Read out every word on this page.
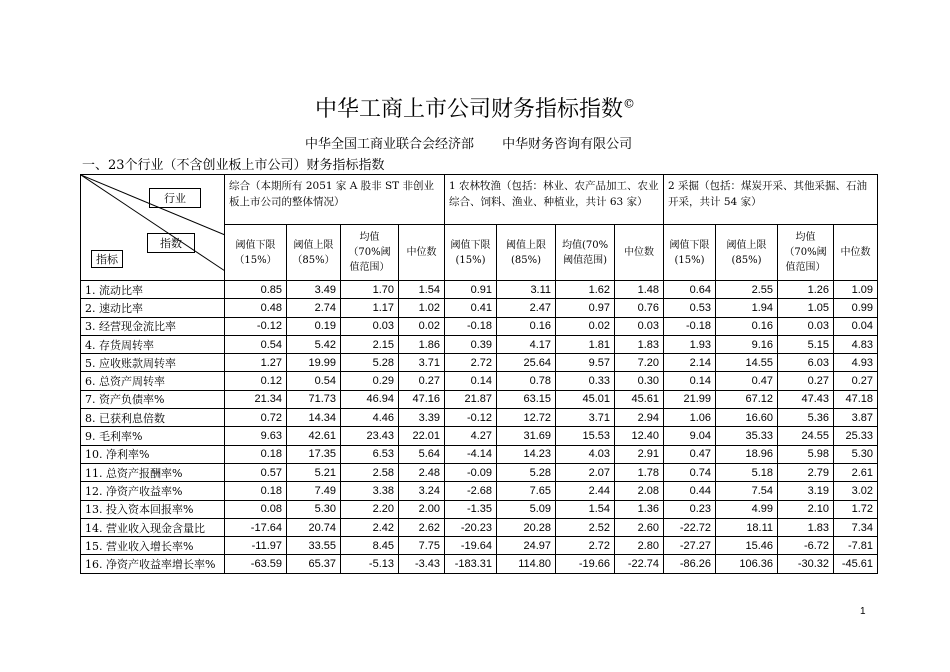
中华工商上市公司财务指标指数©
中华全国工商业联合会经济部 中华财务咨询有限公司
一、23个行业（不含创业板上市公司）财务指标指数
行业
指数
指标	综合（本期所有 2051 家 A 股非 ST 非创业板上市公司的整体情况）				1 农林牧渔（包括：林业、农产品加工、农业综合、饲料、渔业、种植业，共计 63 家）				2 采掘（包括：煤炭开采、其他采掘、石油开采，共计 54 家）			
	阈值下限（15%）	阈值上限（85%）	均值（70%阈值范围）	中位数	阈值下限(15%)	阈值上限(85%)	均值(70%阈值范围)	中位数	阈值下限(15%)	阈值上限(85%)	均值（70%阈值范围）	中位数
1. 流动比率	0.85	3.49	1.70	1.54	0.91	3.11	1.62	1.48	0.64	2.55	1.26	1.09
2. 速动比率	0.48	2.74	1.17	1.02	0.41	2.47	0.97	0.76	0.53	1.94	1.05	0.99
3. 经营现金流比率	-0.12	0.19	0.03	0.02	-0.18	0.16	0.02	0.03	-0.18	0.16	0.03	0.04
4. 存货周转率	0.54	5.42	2.15	1.86	0.39	4.17	1.81	1.83	1.93	9.16	5.15	4.83
5. 应收账款周转率	1.27	19.99	5.28	3.71	2.72	25.64	9.57	7.20	2.14	14.55	6.03	4.93
6. 总资产周转率	0.12	0.54	0.29	0.27	0.14	0.78	0.33	0.30	0.14	0.47	0.27	0.27
7. 资产负债率%	21.34	71.73	46.94	47.16	21.87	63.15	45.01	45.61	21.99	67.12	47.43	47.18
8. 已获利息倍数	0.72	14.34	4.46	3.39	-0.12	12.72	3.71	2.94	1.06	16.60	5.36	3.87
9. 毛利率%	9.63	42.61	23.43	22.01	4.27	31.69	15.53	12.40	9.04	35.33	24.55	25.33
10. 净利率%	0.18	17.35	6.53	5.64	-4.14	14.23	4.03	2.91	0.47	18.96	5.98	5.30
11. 总资产报酬率%	0.57	5.21	2.58	2.48	-0.09	5.28	2.07	1.78	0.74	5.18	2.79	2.61
12. 净资产收益率%	0.18	7.49	3.38	3.24	-2.68	7.65	2.44	2.08	0.44	7.54	3.19	3.02
13. 投入资本回报率%	0.08	5.30	2.20	2.00	-1.35	5.09	1.54	1.36	0.23	4.99	2.10	1.72
14. 营业收入现金含量比	-17.64	20.74	2.42	2.62	-20.23	20.28	2.52	2.60	-22.72	18.11	1.83	7.34
15. 营业收入增长率%	-11.97	33.55	8.45	7.75	-19.64	24.97	2.72	2.80	-27.27	15.46	-6.72	-7.81
16. 净资产收益率增长率%	-63.59	65.37	-5.13	-3.43	-183.31	114.80	-19.66	-22.74	-86.26	106.36	-30.32	-45.61
1
